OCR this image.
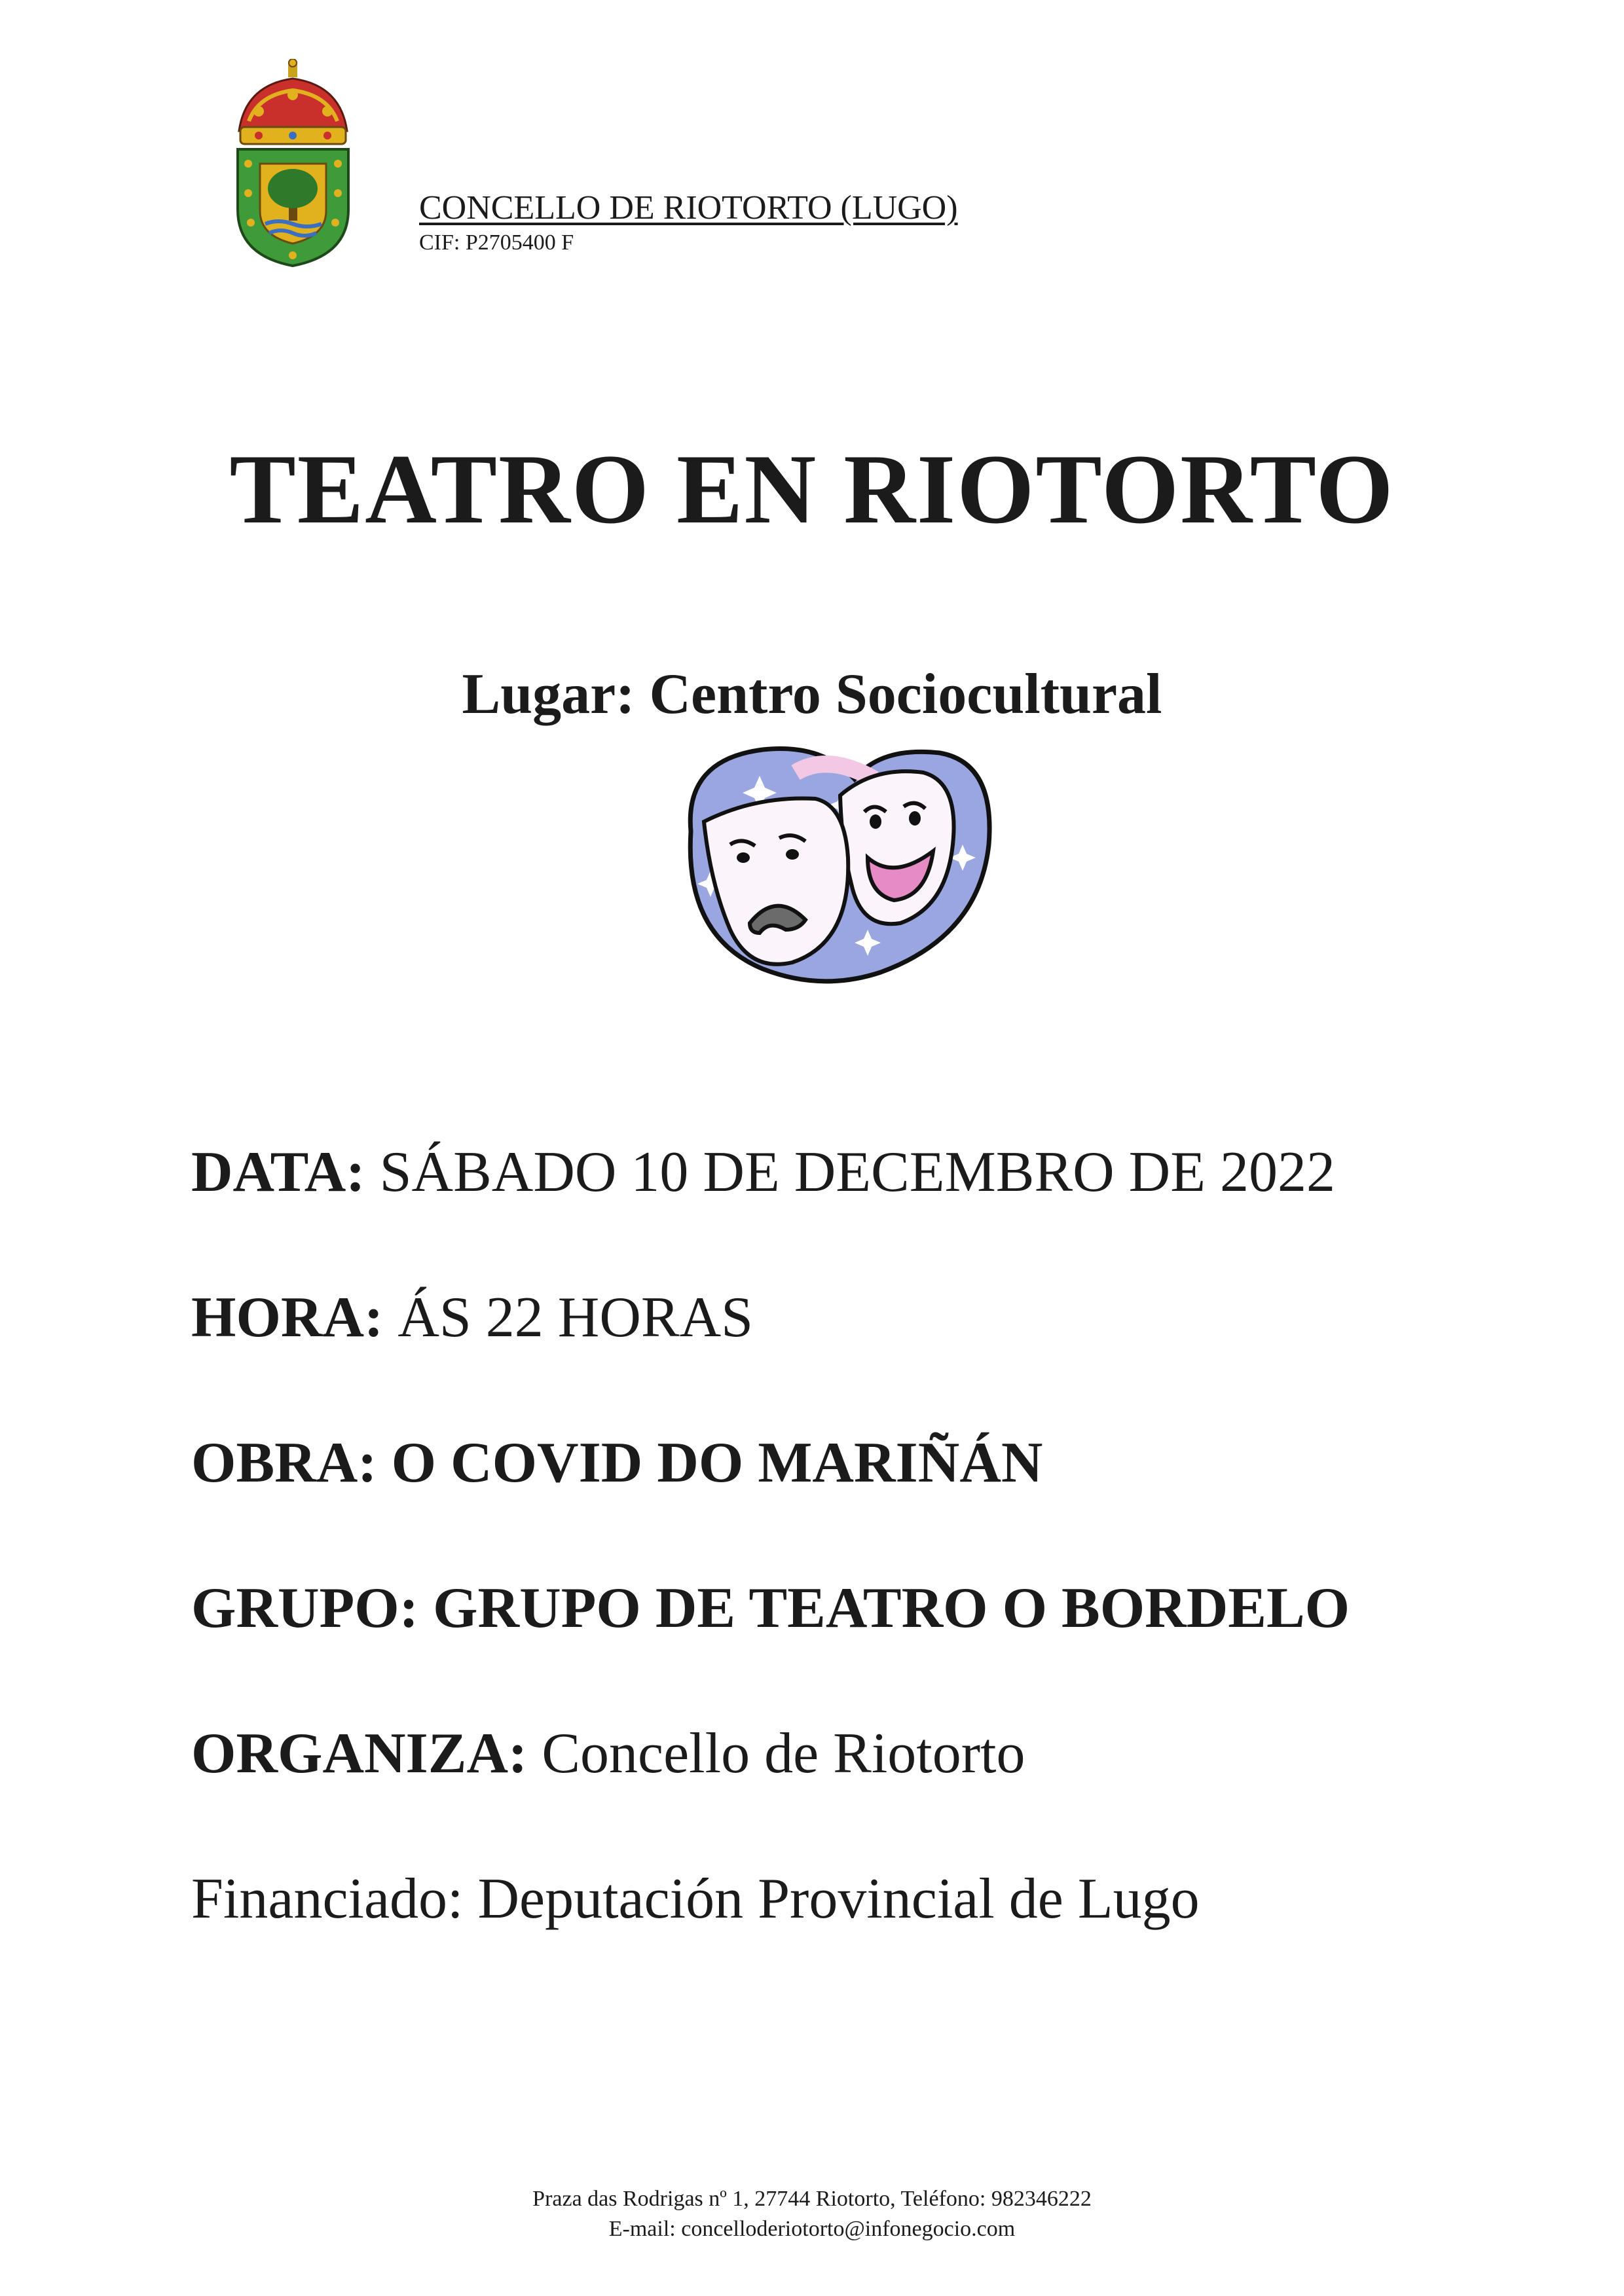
CONCELLO DE RIOTORTO (LUGO)
CIF: P2705400 F
TEATRO EN RIOTORTO
Lugar: Centro Sociocultural
DATA: SÁBADO 10 DE DECEMBRO DE 2022
HORA: ÁS 22 HORAS
OBRA: O COVID DO MARIÑÁN
GRUPO: GRUPO DE TEATRO O BORDELO
ORGANIZA: Concello de Riotorto
Financiado: Deputación Provincial de Lugo
Praza das Rodrigas nº 1, 27744 Riotorto, Teléfono: 982346222
E-mail: concelloderiotorto@infonegocio.com
